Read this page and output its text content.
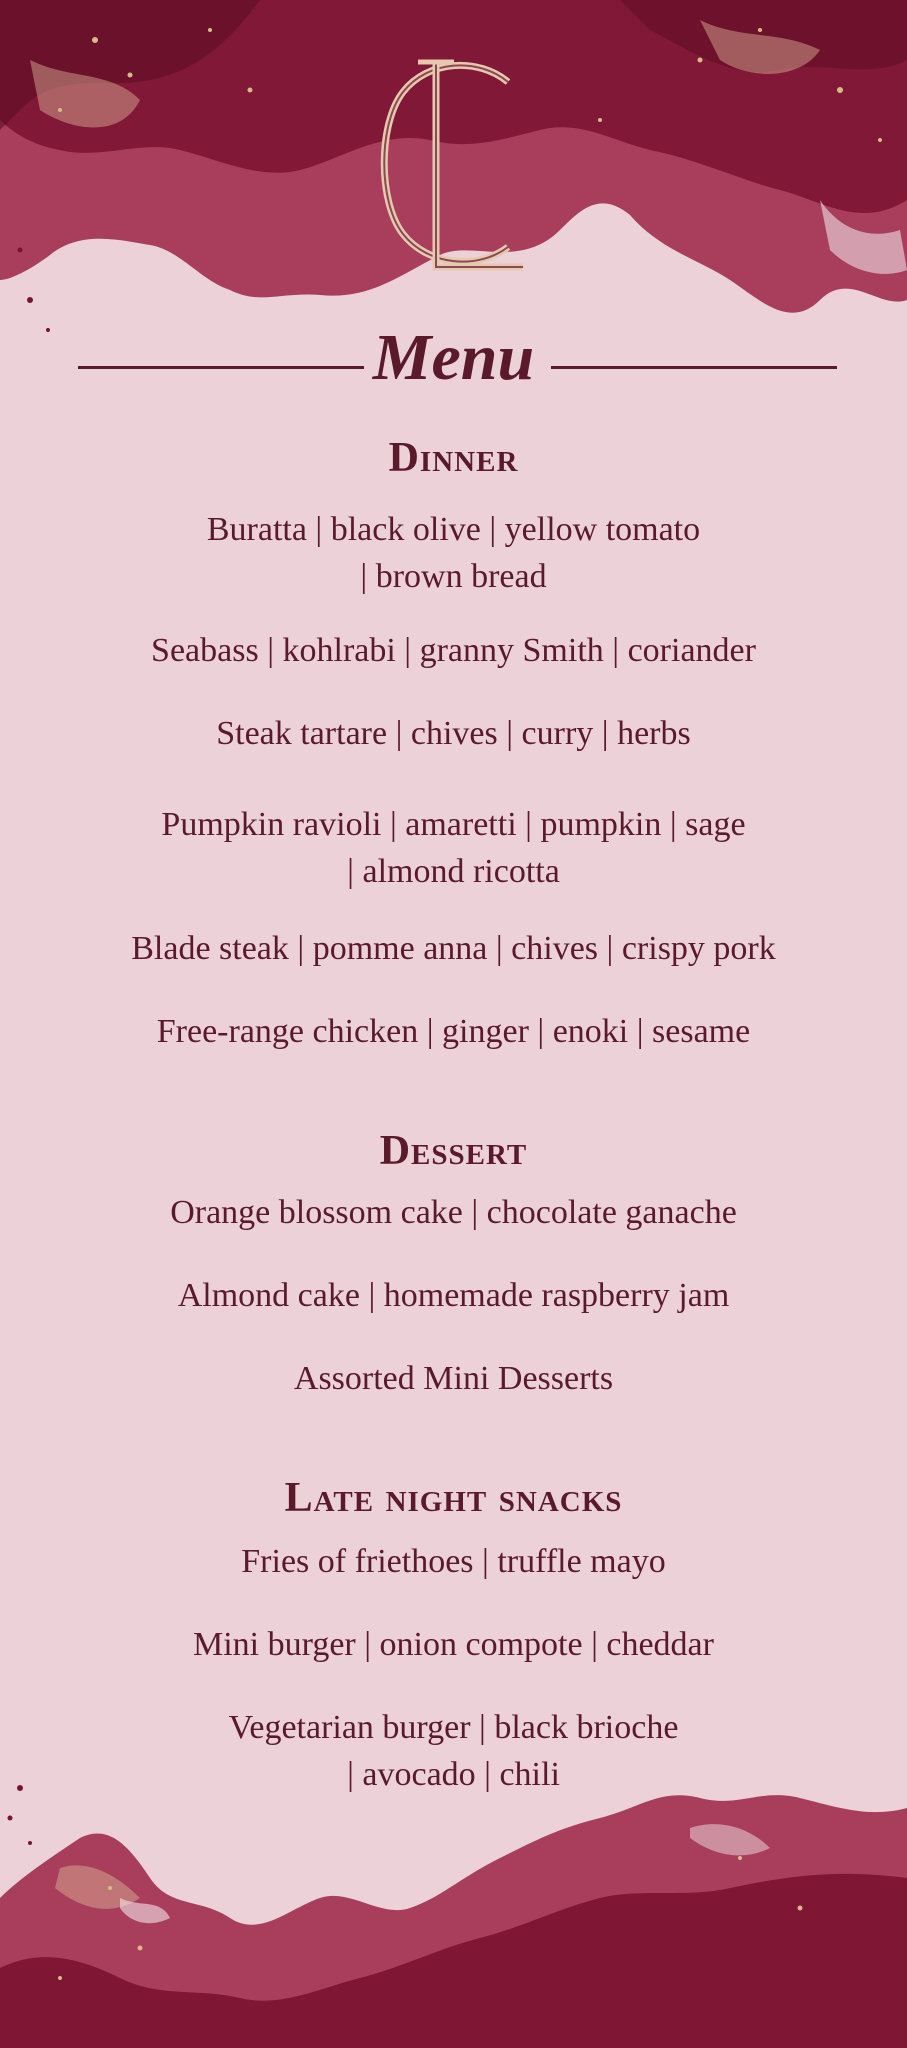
Menu
Dinner
Buratta | black olive | yellow tomato
| brown bread
Seabass | kohlrabi | granny Smith | coriander
Steak tartare | chives | curry | herbs
Pumpkin ravioli | amaretti | pumpkin | sage
| almond ricotta
Blade steak | pomme anna | chives | crispy pork
Free-range chicken | ginger | enoki | sesame
Dessert
Orange blossom cake | chocolate ganache
Almond cake | homemade raspberry jam
Assorted Mini Desserts
Late night snacks
Fries of friethoes | truffle mayo
Mini burger | onion compote | cheddar
Vegetarian burger | black brioche
| avocado | chili
